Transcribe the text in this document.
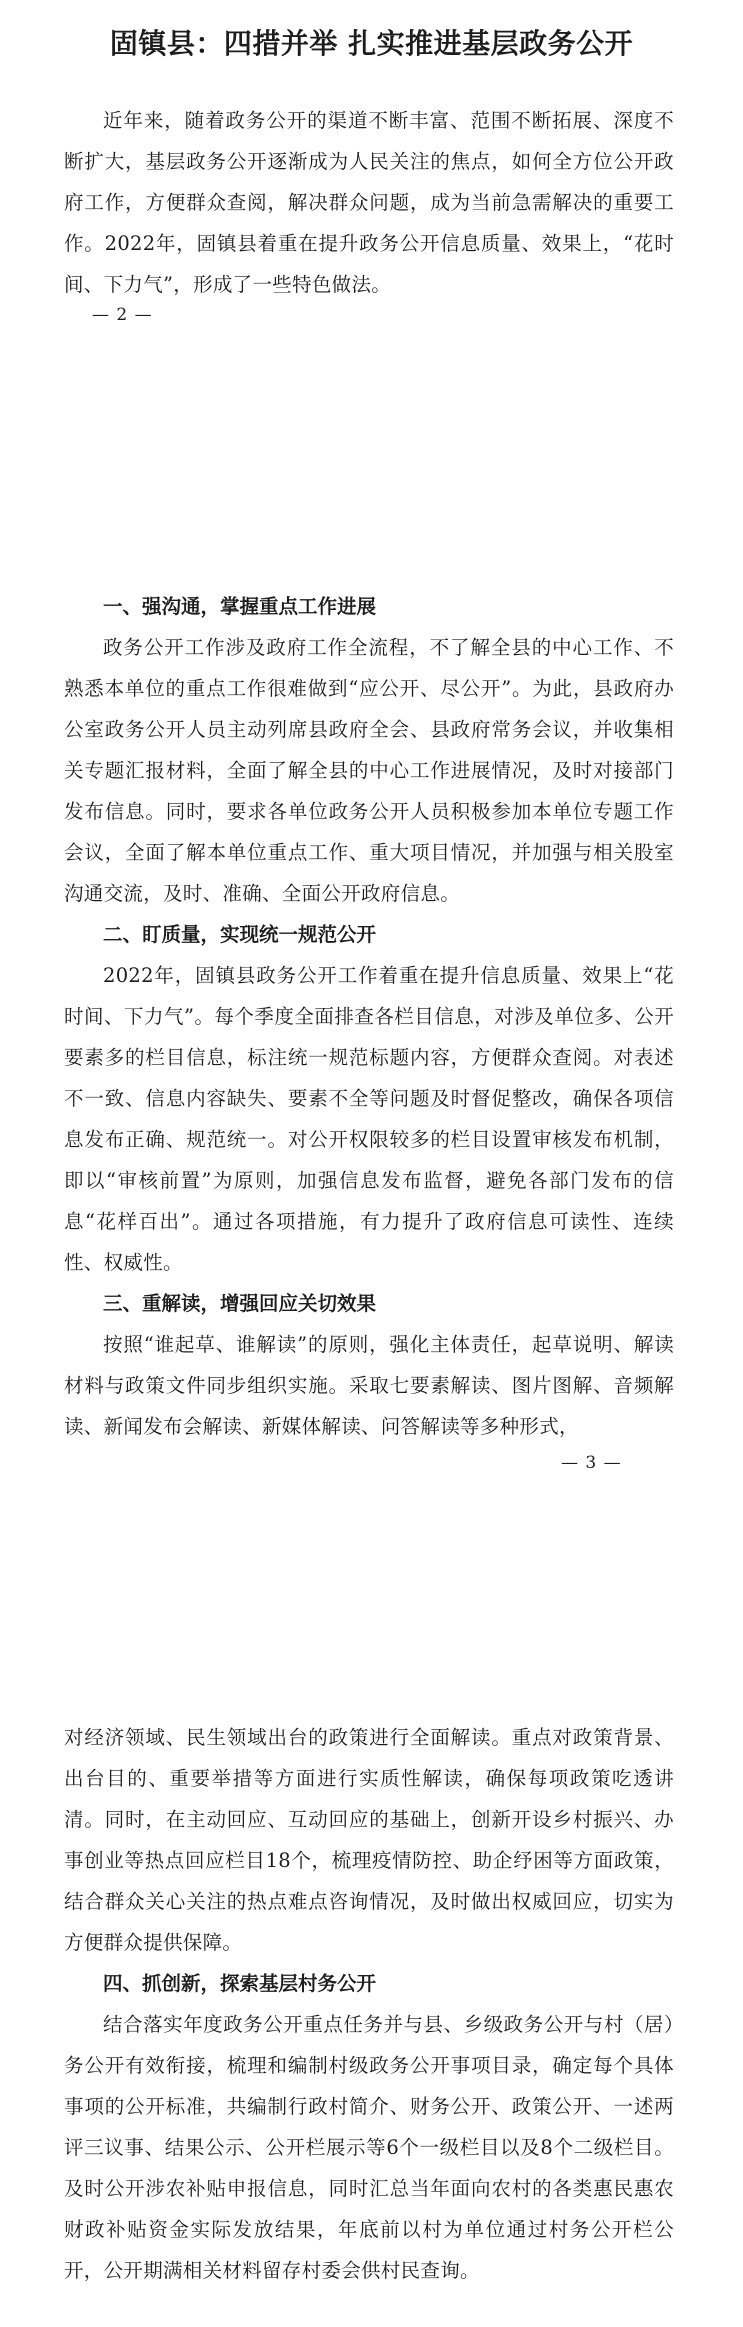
固镇县：四措并举 扎实推进基层政务公开

近年来，随着政务公开的渠道不断丰富、范围不断拓展、深度不断扩大，基层政务公开逐渐成为人民关注的焦点，如何全方位公开政府工作，方便群众查阅，解决群众问题，成为当前急需解决的重要工作。2022年，固镇县着重在提升政务公开信息质量、效果上，“花时间、下力气”，形成了一些特色做法。

— 2 —

一、强沟通，掌握重点工作进展

政务公开工作涉及政府工作全流程，不了解全县的中心工作、不熟悉本单位的重点工作很难做到“应公开、尽公开”。为此，县政府办公室政务公开人员主动列席县政府全会、县政府常务会议，并收集相关专题汇报材料，全面了解全县的中心工作进展情况，及时对接部门发布信息。同时，要求各单位政务公开人员积极参加本单位专题工作会议，全面了解本单位重点工作、重大项目情况，并加强与相关股室沟通交流，及时、准确、全面公开政府信息。

二、盯质量，实现统一规范公开

2022年，固镇县政务公开工作着重在提升信息质量、效果上“花时间、下力气”。每个季度全面排查各栏目信息，对涉及单位多、公开要素多的栏目信息，标注统一规范标题内容，方便群众查阅。对表述不一致、信息内容缺失、要素不全等问题及时督促整改，确保各项信息发布正确、规范统一。对公开权限较多的栏目设置审核发布机制，即以“审核前置”为原则，加强信息发布监督，避免各部门发布的信息“花样百出”。通过各项措施，有力提升了政府信息可读性、连续性、权威性。

三、重解读，增强回应关切效果

按照“谁起草、谁解读”的原则，强化主体责任，起草说明、解读材料与政策文件同步组织实施。采取七要素解读、图片图解、音频解读、新闻发布会解读、新媒体解读、问答解读等多种形式，

— 3 —

对经济领域、民生领域出台的政策进行全面解读。重点对政策背景、出台目的、重要举措等方面进行实质性解读，确保每项政策吃透讲清。同时，在主动回应、互动回应的基础上，创新开设乡村振兴、办事创业等热点回应栏目18个，梳理疫情防控、助企纾困等方面政策，结合群众关心关注的热点难点咨询情况，及时做出权威回应，切实为方便群众提供保障。

四、抓创新，探索基层村务公开

结合落实年度政务公开重点任务并与县、乡级政务公开与村（居）务公开有效衔接，梳理和编制村级政务公开事项目录，确定每个具体事项的公开标准，共编制行政村简介、财务公开、政策公开、一述两评三议事、结果公示、公开栏展示等6个一级栏目以及8个二级栏目。及时公开涉农补贴申报信息，同时汇总当年面向农村的各类惠民惠农财政补贴资金实际发放结果，年底前以村为单位通过村务公开栏公开，公开期满相关材料留存村委会供村民查询。
